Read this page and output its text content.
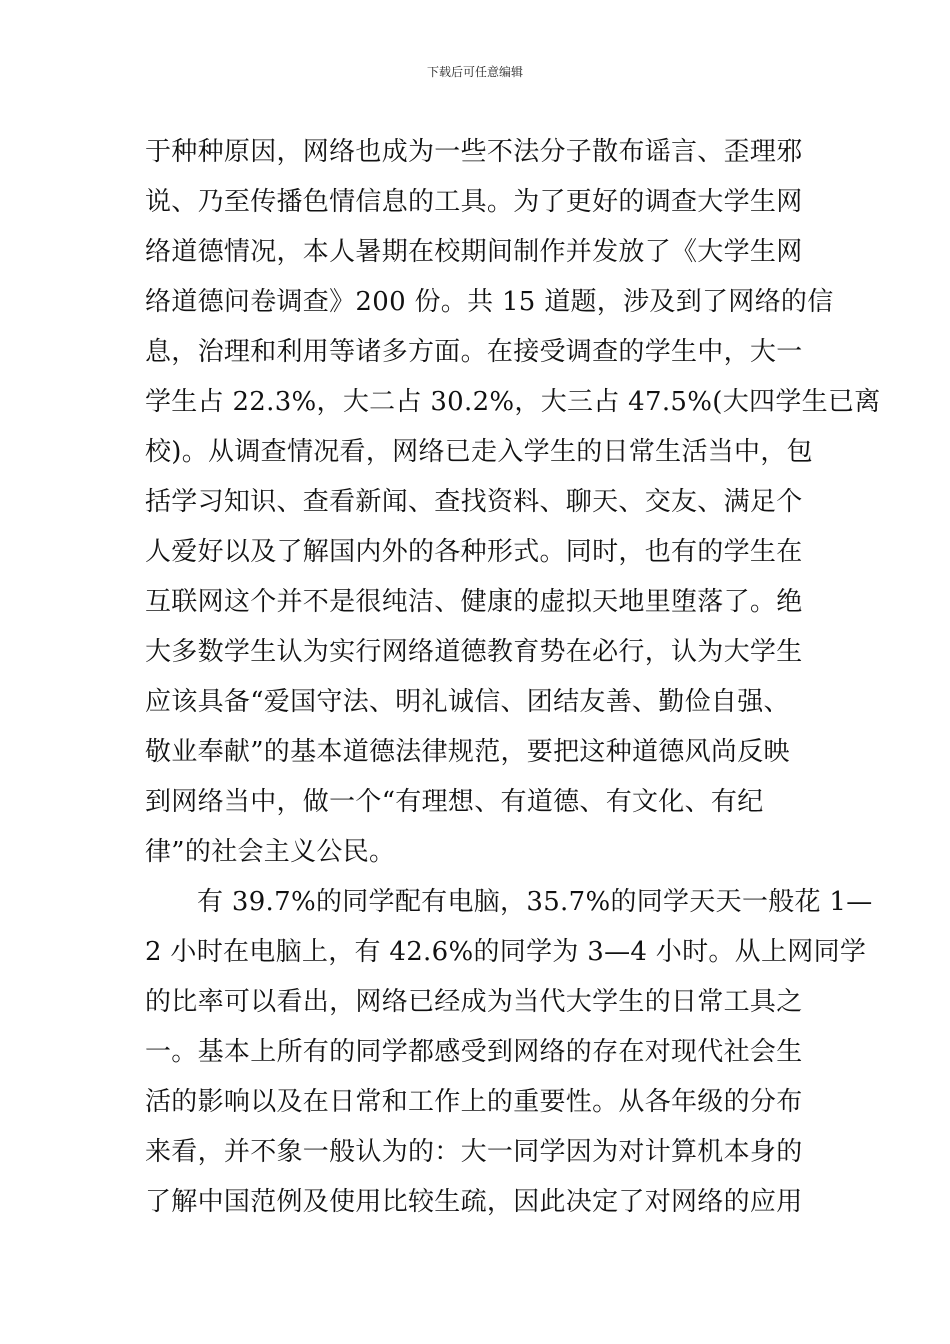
下载后可任意编辑
于种种原因，网络也成为一些不法分子散布谣言、歪理邪
说、乃至传播色情信息的工具。为了更好的调查大学生网
络道德情况，本人暑期在校期间制作并发放了《大学生网
络道德问卷调查》200 份。共 15 道题，涉及到了网络的信
息，治理和利用等诸多方面。在接受调查的学生中，大一
学生占 22.3%，大二占 30.2%，大三占 47.5%(大四学生已离
校)。从调查情况看，网络已走入学生的日常生活当中，包
括学习知识、查看新闻、查找资料、聊天、交友、满足个
人爱好以及了解国内外的各种形式。同时，也有的学生在
互联网这个并不是很纯洁、健康的虚拟天地里堕落了。绝
大多数学生认为实行网络道德教育势在必行，认为大学生
应该具备“爱国守法、明礼诚信、团结友善、勤俭自强、
敬业奉献”的基本道德法律规范，要把这种道德风尚反映
到网络当中，做一个“有理想、有道德、有文化、有纪
律”的社会主义公民。
有 39.7%的同学配有电脑，35.7%的同学天天一般花 1—
2 小时在电脑上，有 42.6%的同学为 3—4 小时。从上网同学
的比率可以看出，网络已经成为当代大学生的日常工具之
一。基本上所有的同学都感受到网络的存在对现代社会生
活的影响以及在日常和工作上的重要性。从各年级的分布
来看，并不象一般认为的：大一同学因为对计算机本身的
了解中国范例及使用比较生疏，因此决定了对网络的应用
